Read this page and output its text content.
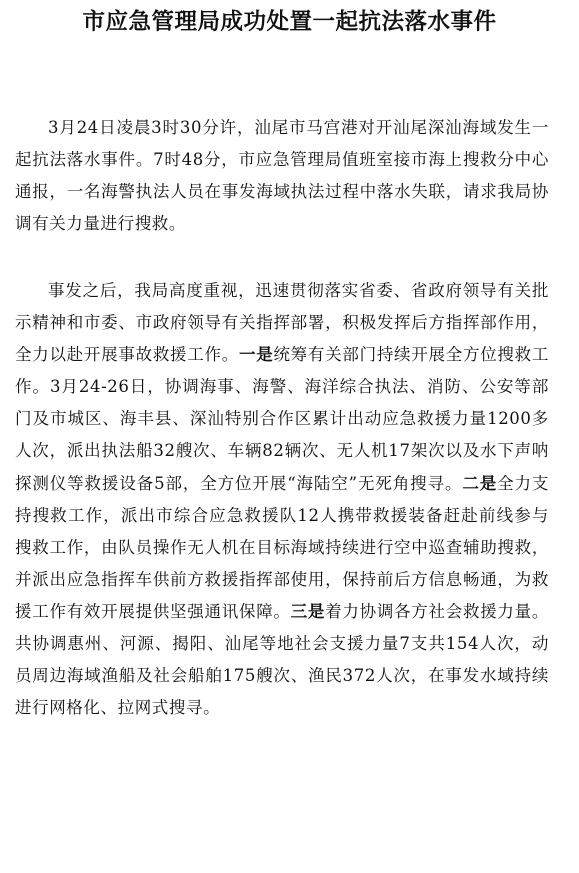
市应急管理局成功处置一起抗法落水事件

3月24日凌晨3时30分许，汕尾市马宫港对开汕尾深汕海域发生一起抗法落水事件。7时48分，市应急管理局值班室接市海上搜救分中心通报，一名海警执法人员在事发海域执法过程中落水失联，请求我局协调有关力量进行搜救。

事发之后，我局高度重视，迅速贯彻落实省委、省政府领导有关批示精神和市委、市政府领导有关指挥部署，积极发挥后方指挥部作用，全力以赴开展事故救援工作。一是统筹有关部门持续开展全方位搜救工作。3月24-26日，协调海事、海警、海洋综合执法、消防、公安等部门及市城区、海丰县、深汕特别合作区累计出动应急救援力量1200多人次，派出执法船32艘次、车辆82辆次、无人机17架次以及水下声呐探测仪等救援设备5部，全方位开展“海陆空”无死角搜寻。二是全力支持搜救工作，派出市综合应急救援队12人携带救援装备赶赴前线参与搜救工作，由队员操作无人机在目标海域持续进行空中巡查辅助搜救，并派出应急指挥车供前方救援指挥部使用，保持前后方信息畅通，为救援工作有效开展提供坚强通讯保障。三是着力协调各方社会救援力量。共协调惠州、河源、揭阳、汕尾等地社会支援力量7支共154人次，动员周边海域渔船及社会船舶175艘次、渔民372人次，在事发水域持续进行网格化、拉网式搜寻。
